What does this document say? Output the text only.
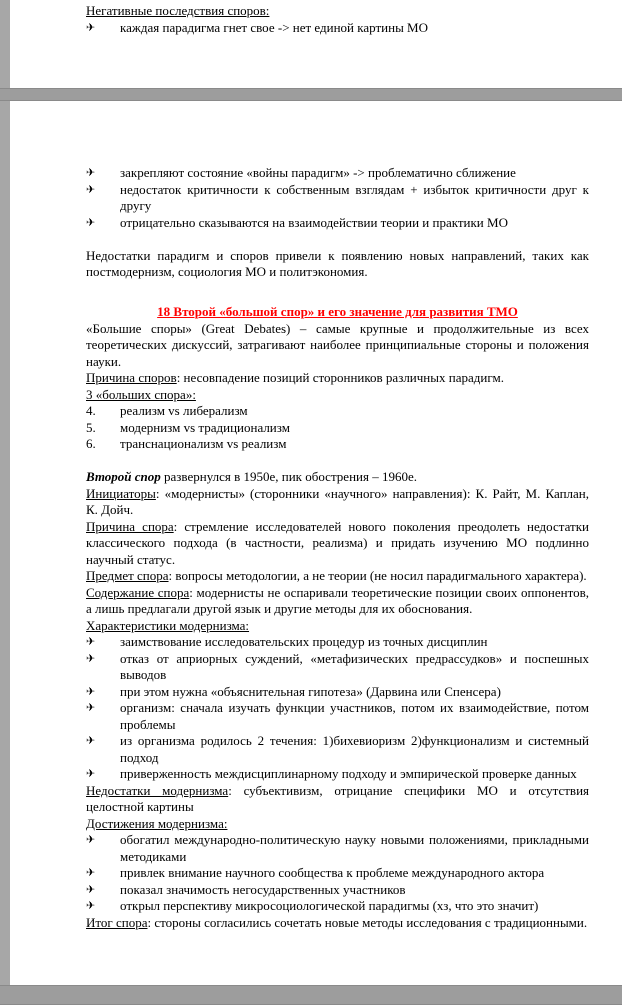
Негативные последствия споров:

✈	каждая парадигма гнет свое -> нет единой картины МО
✈	закрепляют состояние «войны парадигм» -> проблематично сближение
✈	недостаток критичности к собственным взглядам + избыток критичности друг к другу
✈	отрицательно сказываются на взаимодействии теории и практики МО

Недостатки парадигм и споров привели к появлению новых направлений, таких как постмодернизм, социология МО и политэкономия.

18 Второй «большой спор» и его значение для развития ТМО

«Большие споры» (Great Debates) – самые крупные и продолжительные из всех теоретических дискуссий, затрагивают наиболее принципиальные стороны и положения науки.

Причина споров: несовпадение позиций сторонников различных парадигм.

3 «больших спора»:

4.	реализм vs либерализм
5.	модернизм vs традиционализм
6.	транснационализм vs реализм

Второй спор развернулся в 1950е, пик обострения – 1960е.

Инициаторы: «модернисты» (сторонники «научного» направления): К. Райт, М. Каплан, К. Дойч.

Причина спора: стремление исследователей нового поколения преодолеть недостатки классического подхода (в частности, реализма) и придать изучению МО подлинно научный статус.

Предмет спора: вопросы методологии, а не теории (не носил парадигмального характера).

Содержание спора: модернисты не оспаривали теоретические позиции своих оппонентов, а лишь предлагали другой язык и другие методы для их обоснования.

Характеристики модернизма:

✈	заимствование исследовательских процедур из точных дисциплин
✈	отказ от априорных суждений, «метафизических предрассудков» и поспешных выводов
✈	при этом нужна «объяснительная гипотеза» (Дарвина или Спенсера)
✈	организм: сначала изучать функции участников, потом их взаимодействие, потом проблемы
✈	из организма родилось 2 течения: 1)бихевиоризм 2)функционализм и системный подход
✈	приверженность междисциплинарному подходу и эмпирической проверке данных

Недостатки модернизма: субъективизм, отрицание специфики МО и отсутствия целостной картины

Достижения модернизма:

✈	обогатил международно-политическую науку новыми положениями, прикладными методиками
✈	привлек внимание научного сообщества к проблеме международного актора
✈	показал значимость негосударственных участников
✈	открыл перспективу микросоциологической парадигмы (хз, что это значит)

Итог спора: стороны согласились сочетать новые методы исследования с традиционными.
